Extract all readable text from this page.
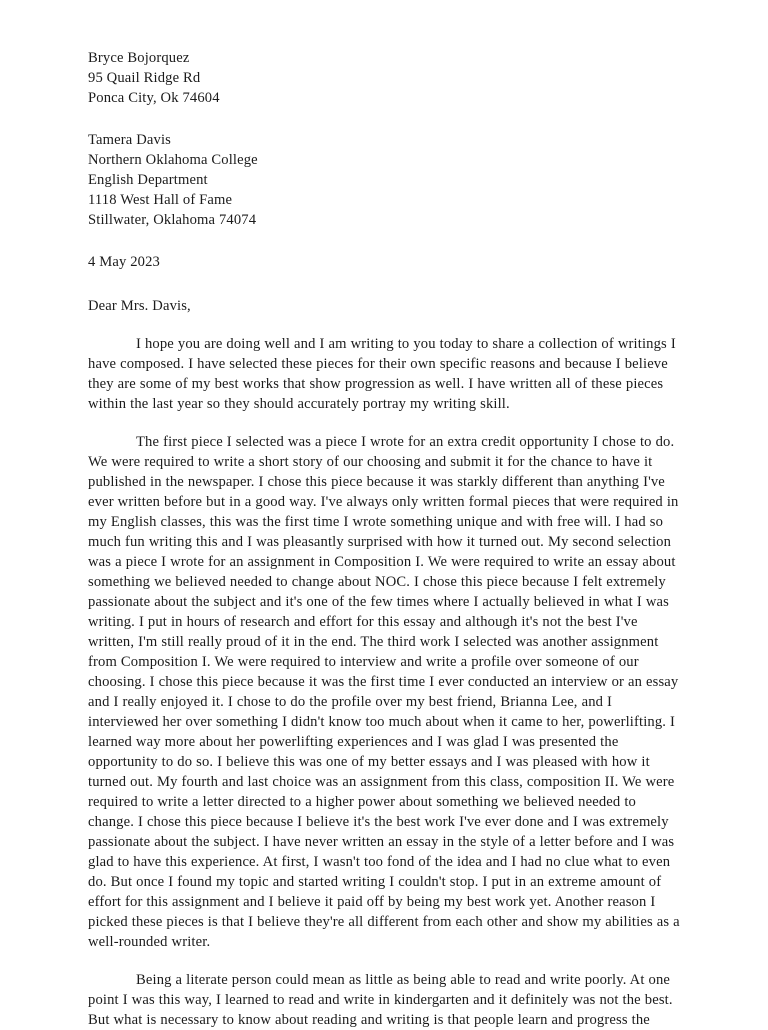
Bryce Bojorquez
95 Quail Ridge Rd
Ponca City, Ok 74604
Tamera Davis
Northern Oklahoma College
English Department
1118 West Hall of Fame
Stillwater, Oklahoma 74074
4 May 2023
Dear Mrs. Davis,

I hope you are doing well and I am writing to you today to share a collection of writings I have composed. I have selected these pieces for their own specific reasons and because I believe they are some of my best works that show progression as well. I have written all of these pieces within the last year so they should accurately portray my writing skill.

The first piece I selected was a piece I wrote for an extra credit opportunity I chose to do. We were required to write a short story of our choosing and submit it for the chance to have it published in the newspaper. I chose this piece because it was starkly different than anything I've ever written before but in a good way. I've always only written formal pieces that were required in my English classes, this was the first time I wrote something unique and with free will. I had so much fun writing this and I was pleasantly surprised with how it turned out. My second selection was a piece I wrote for an assignment in Composition I. We were required to write an essay about something we believed needed to change about NOC. I chose this piece because I felt extremely passionate about the subject and it's one of the few times where I actually believed in what I was writing. I put in hours of research and effort for this essay and although it's not the best I've written, I'm still really proud of it in the end. The third work I selected was another assignment from Composition I. We were required to interview and write a profile over someone of our choosing. I chose this piece because it was the first time I ever conducted an interview or an essay and I really enjoyed it. I chose to do the profile over my best friend, Brianna Lee, and I interviewed her over something I didn't know too much about when it came to her, powerlifting. I learned way more about her powerlifting experiences and I was glad I was presented the opportunity to do so. I believe this was one of my better essays and I was pleased with how it turned out. My fourth and last choice was an assignment from this class, composition II. We were required to write a letter directed to a higher power about something we believed needed to change. I chose this piece because I believe it's the best work I've ever done and I was extremely passionate about the subject. I have never written an essay in the style of a letter before and I was glad to have this experience. At first, I wasn't too fond of the idea and I had no clue what to even do. But once I found my topic and started writing I couldn't stop. I put in an extreme amount of effort for this assignment and I believe it paid off by being my best work yet. Another reason I picked these pieces is that I believe they're all different from each other and show my abilities as a well-rounded writer.

Being a literate person could mean as little as being able to read and write poorly. At one point I was this way, I learned to read and write in kindergarten and it definitely was not the best. But what is necessary to know about reading and writing is that people learn and progress the
